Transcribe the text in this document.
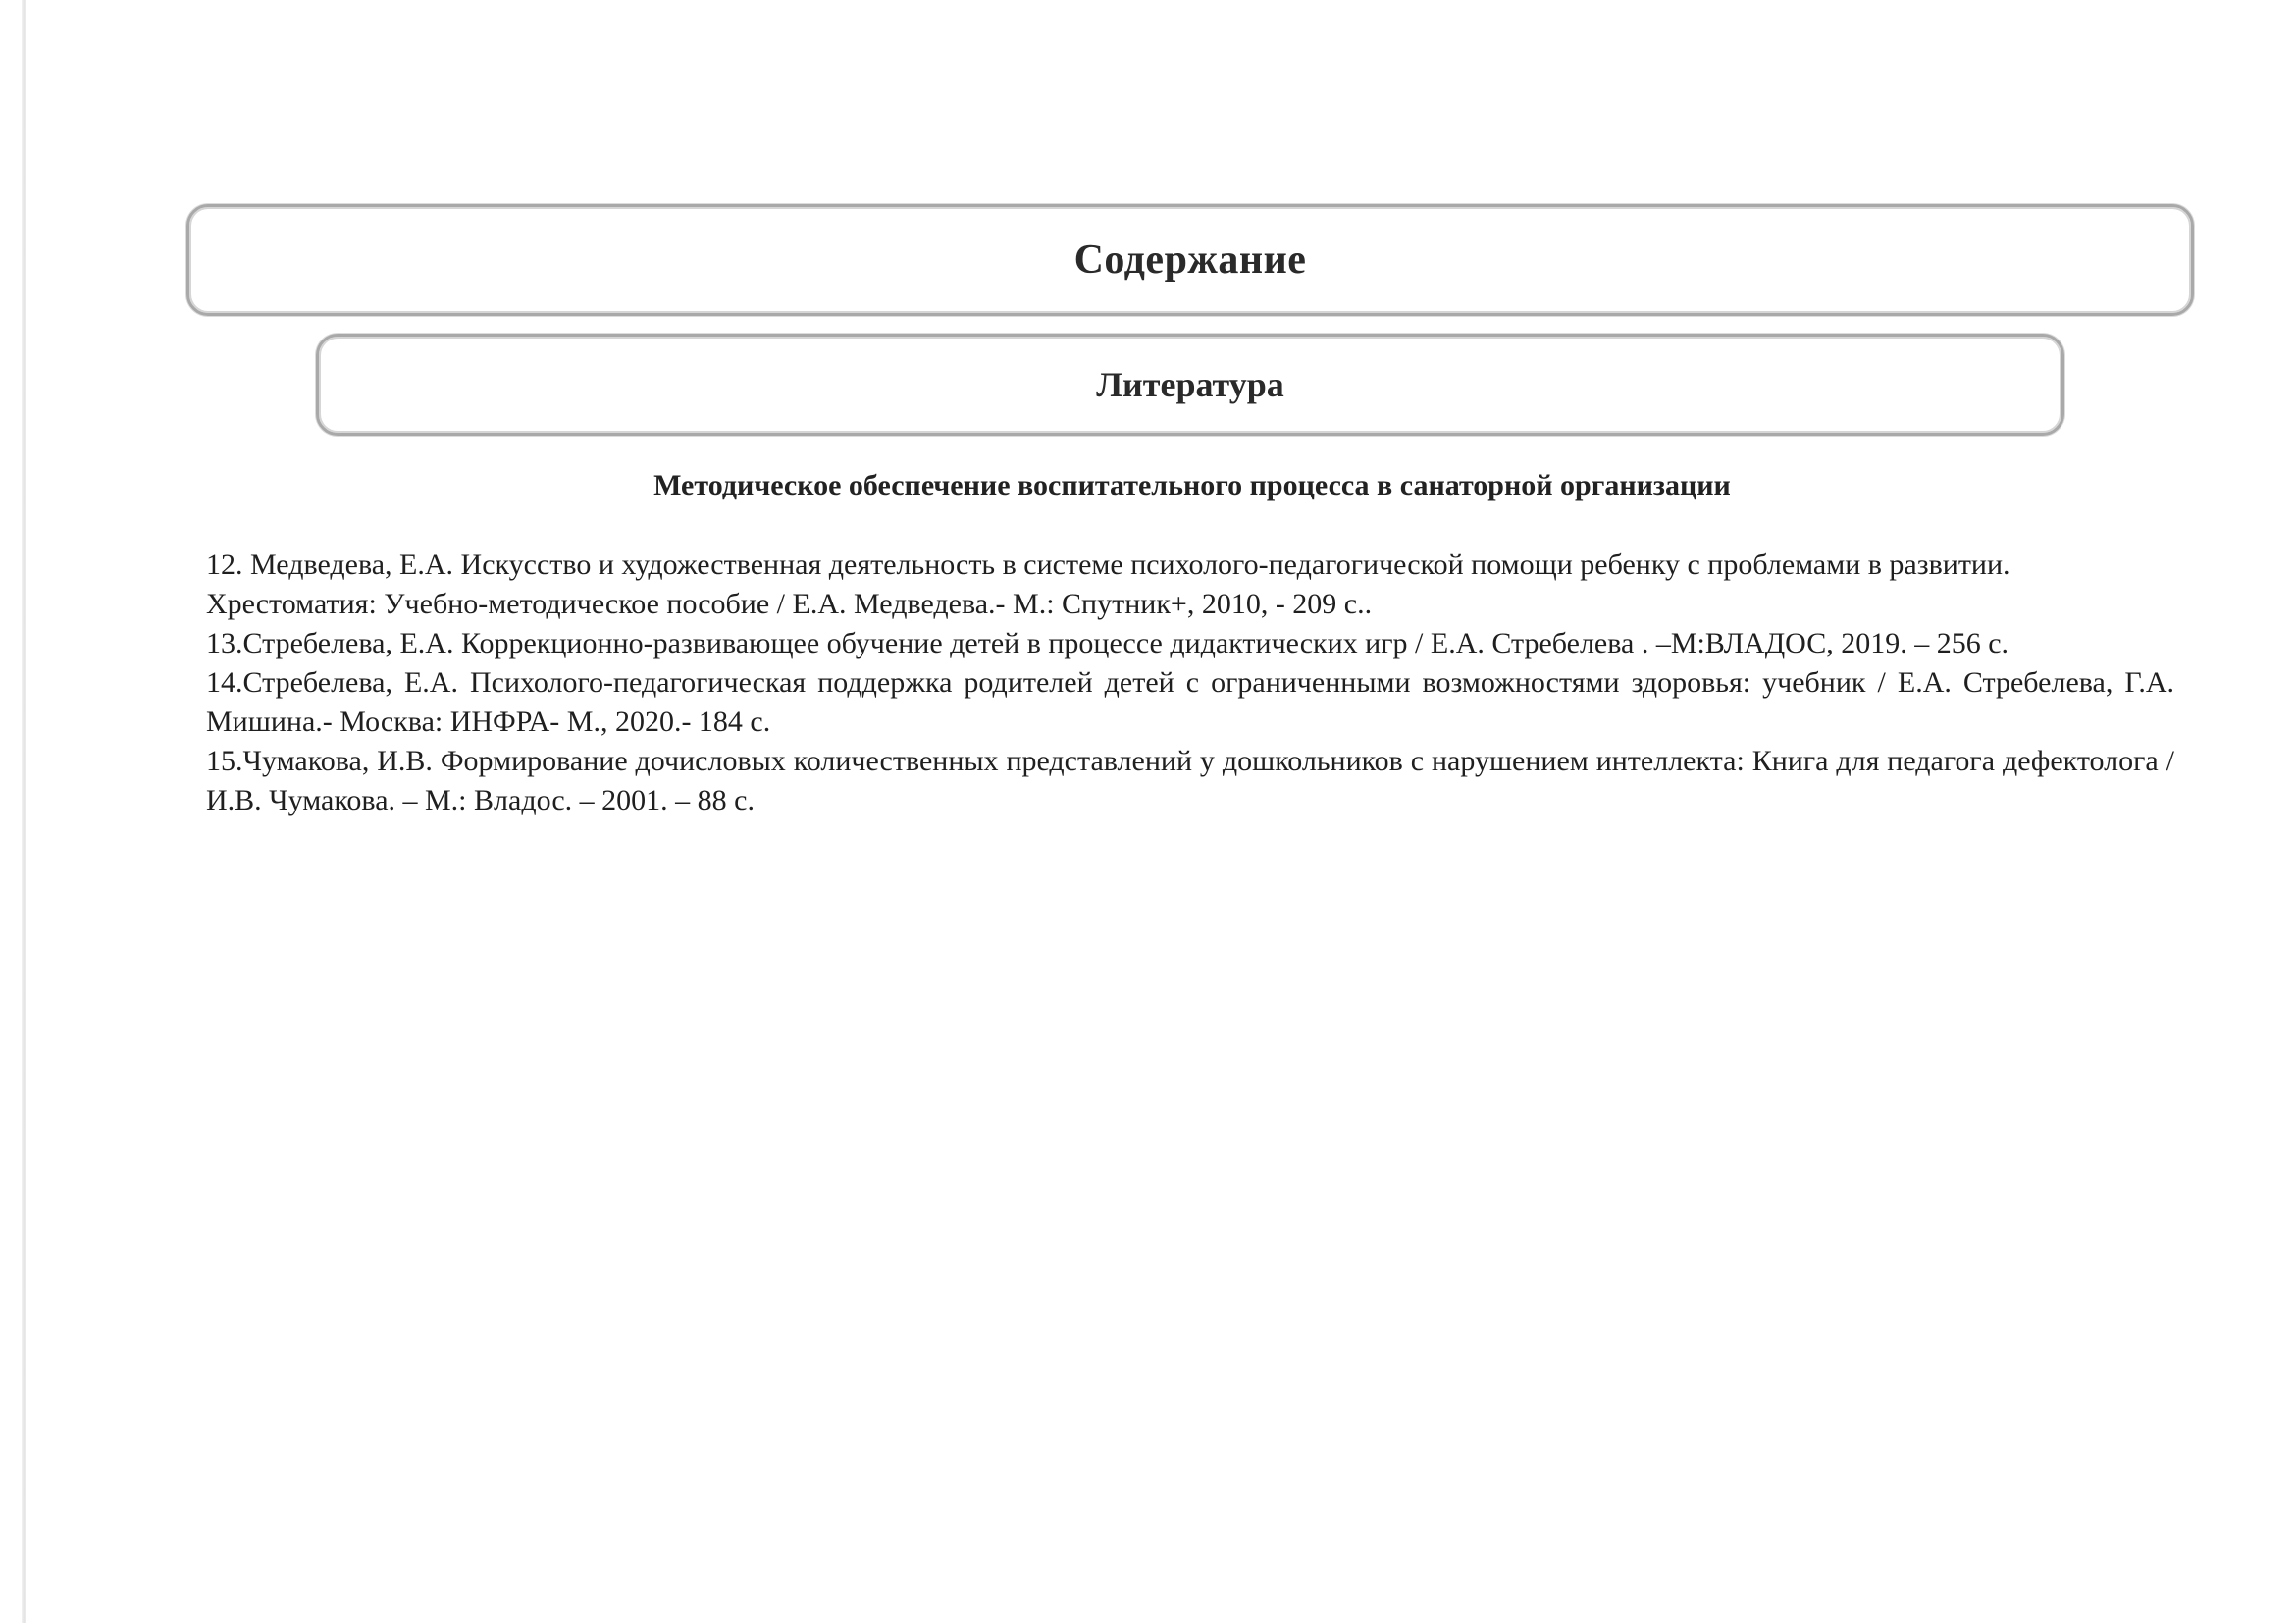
Содержание
Литература
Методическое обеспечение воспитательного процесса в санаторной организации

12. Медведева, Е.А. Искусство и художественная деятельность в системе психолого-педагогической помощи ребенку с проблемами в развитии. Хрестоматия: Учебно-методическое пособие / Е.А. Медведева.- М.: Спутник+, 2010, - 209 с..

13.Стребелева, Е.А. Коррекционно-развивающее обучение детей в процессе дидактических игр / Е.А. Стребелева . –М:ВЛАДОС, 2019. – 256 с.

14.Стребелева, Е.А. Психолого-педагогическая поддержка родителей детей с ограниченными возможностями здоровья: учебник / Е.А. Стребелева, Г.А. Мишина.- Москва: ИНФРА- М., 2020.- 184 с.

15.Чумакова, И.В. Формирование дочисловых количественных представлений у дошкольников с нарушением интеллекта: Книга для педагога дефектолога / И.В. Чумакова. – М.: Владос. – 2001. – 88 с.
